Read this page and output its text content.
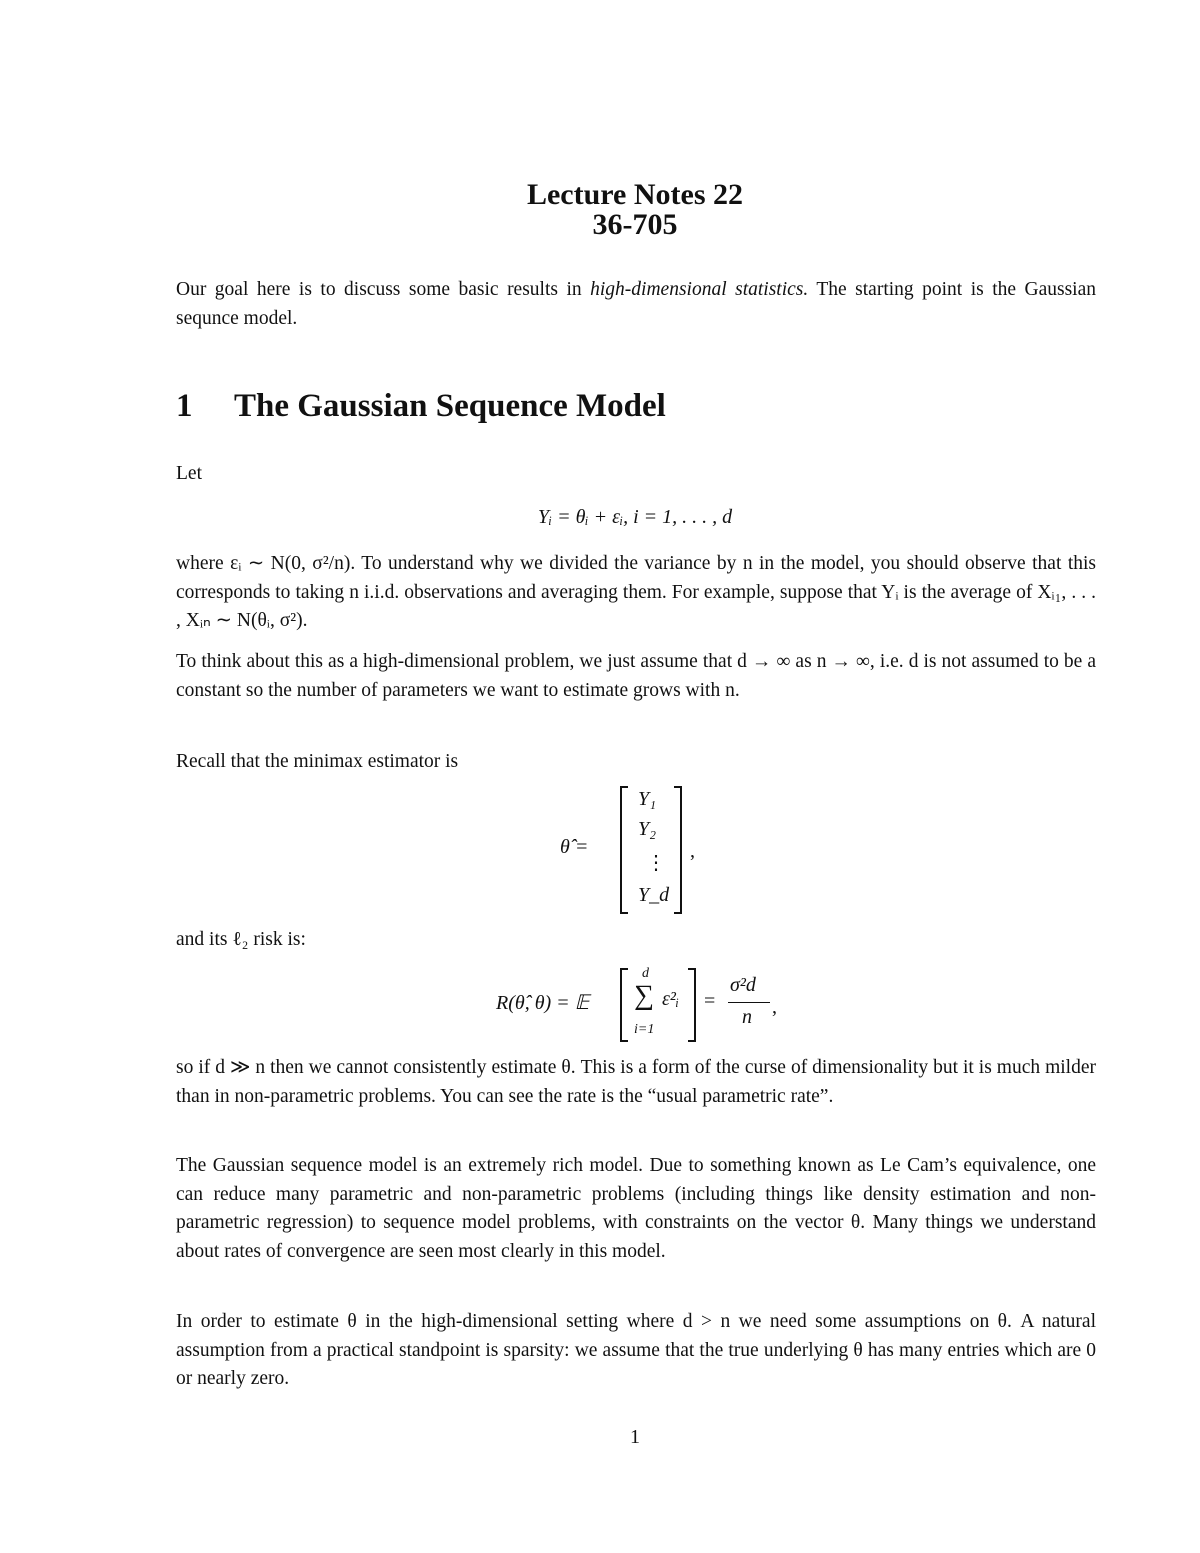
Lecture Notes 22
36-705

Our goal here is to discuss some basic results in high-dimensional statistics. The starting point is the Gaussian sequnce model.

1 The Gaussian Sequence Model

Let

Yᵢ = θᵢ + εᵢ, i = 1, . . . , d

where εᵢ ∼ N(0, σ²/n). To understand why we divided the variance by n in the model, you should observe that this corresponds to taking n i.i.d. observations and averaging them. For example, suppose that Yᵢ is the average of Xᵢ₁, . . . , Xᵢₙ ∼ N(θᵢ, σ²).

To think about this as a high-dimensional problem, we just assume that d → ∞ as n → ∞, i.e. d is not assumed to be a constant so the number of parameters we want to estimate grows with n.

Recall that the minimax estimator is

θ̂ =
Y₁
Y₂
⋮
Y_d
,

and its ℓ₂ risk is:

R(θ̂, θ) = 𝔼
d
∑
i=1
ε²ᵢ =
σ²d
n ,

so if d ≫ n then we cannot consistently estimate θ. This is a form of the curse of dimensionality but it is much milder than in non-parametric problems. You can see the rate is the “usual parametric rate”.

The Gaussian sequence model is an extremely rich model. Due to something known as Le Cam’s equivalence, one can reduce many parametric and non-parametric problems (including things like density estimation and non-parametric regression) to sequence model problems, with constraints on the vector θ. Many things we understand about rates of convergence are seen most clearly in this model.

In order to estimate θ in the high-dimensional setting where d > n we need some assumptions on θ. A natural assumption from a practical standpoint is sparsity: we assume that the true underlying θ has many entries which are 0 or nearly zero.

1
